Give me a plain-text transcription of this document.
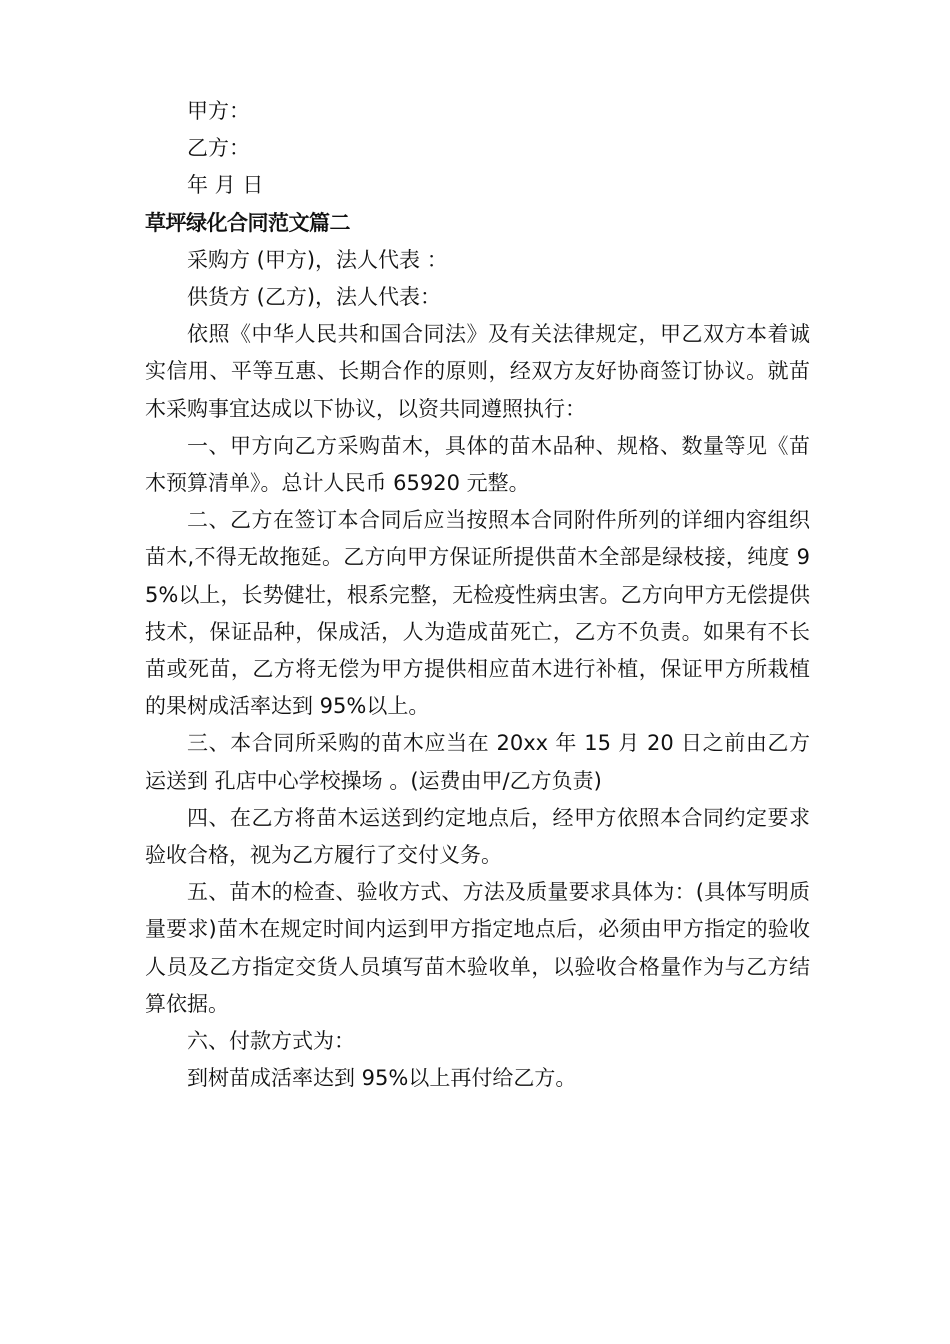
甲方：
乙方：
年 月 日
草坪绿化合同范文篇二
采购方 (甲方)，法人代表 ：
供货方 (乙方)，法人代表：

依照《中华人民共和国合同法》及有关法律规定，甲乙双方本着诚实信用、平等互惠、长期合作的原则，经双方友好协商签订协议。就苗木采购事宜达成以下协议，以资共同遵照执行：

一、甲方向乙方采购苗木，具体的苗木品种、规格、数量等见《苗木预算清单》。总计人民币 65920 元整。

二、乙方在签订本合同后应当按照本合同附件所列的详细内容组织苗木,不得无故拖延。乙方向甲方保证所提供苗木全部是绿枝接，纯度 95%以上，长势健壮，根系完整，无检疫性病虫害。乙方向甲方无偿提供技术，保证品种，保成活，人为造成苗死亡，乙方不负责。如果有不长苗或死苗，乙方将无偿为甲方提供相应苗木进行补植，保证甲方所栽植的果树成活率达到 95%以上。

三、本合同所采购的苗木应当在 20xx 年 15 月 20 日之前由乙方运送到 孔店中心学校操场 。(运费由甲/乙方负责)

四、在乙方将苗木运送到约定地点后，经甲方依照本合同约定要求验收合格，视为乙方履行了交付义务。

五、苗木的检查、验收方式、方法及质量要求具体为：(具体写明质量要求)苗木在规定时间内运到甲方指定地点后，必须由甲方指定的验收人员及乙方指定交货人员填写苗木验收单，以验收合格量作为与乙方结算依据。

六、付款方式为：
到树苗成活率达到 95%以上再付给乙方。
